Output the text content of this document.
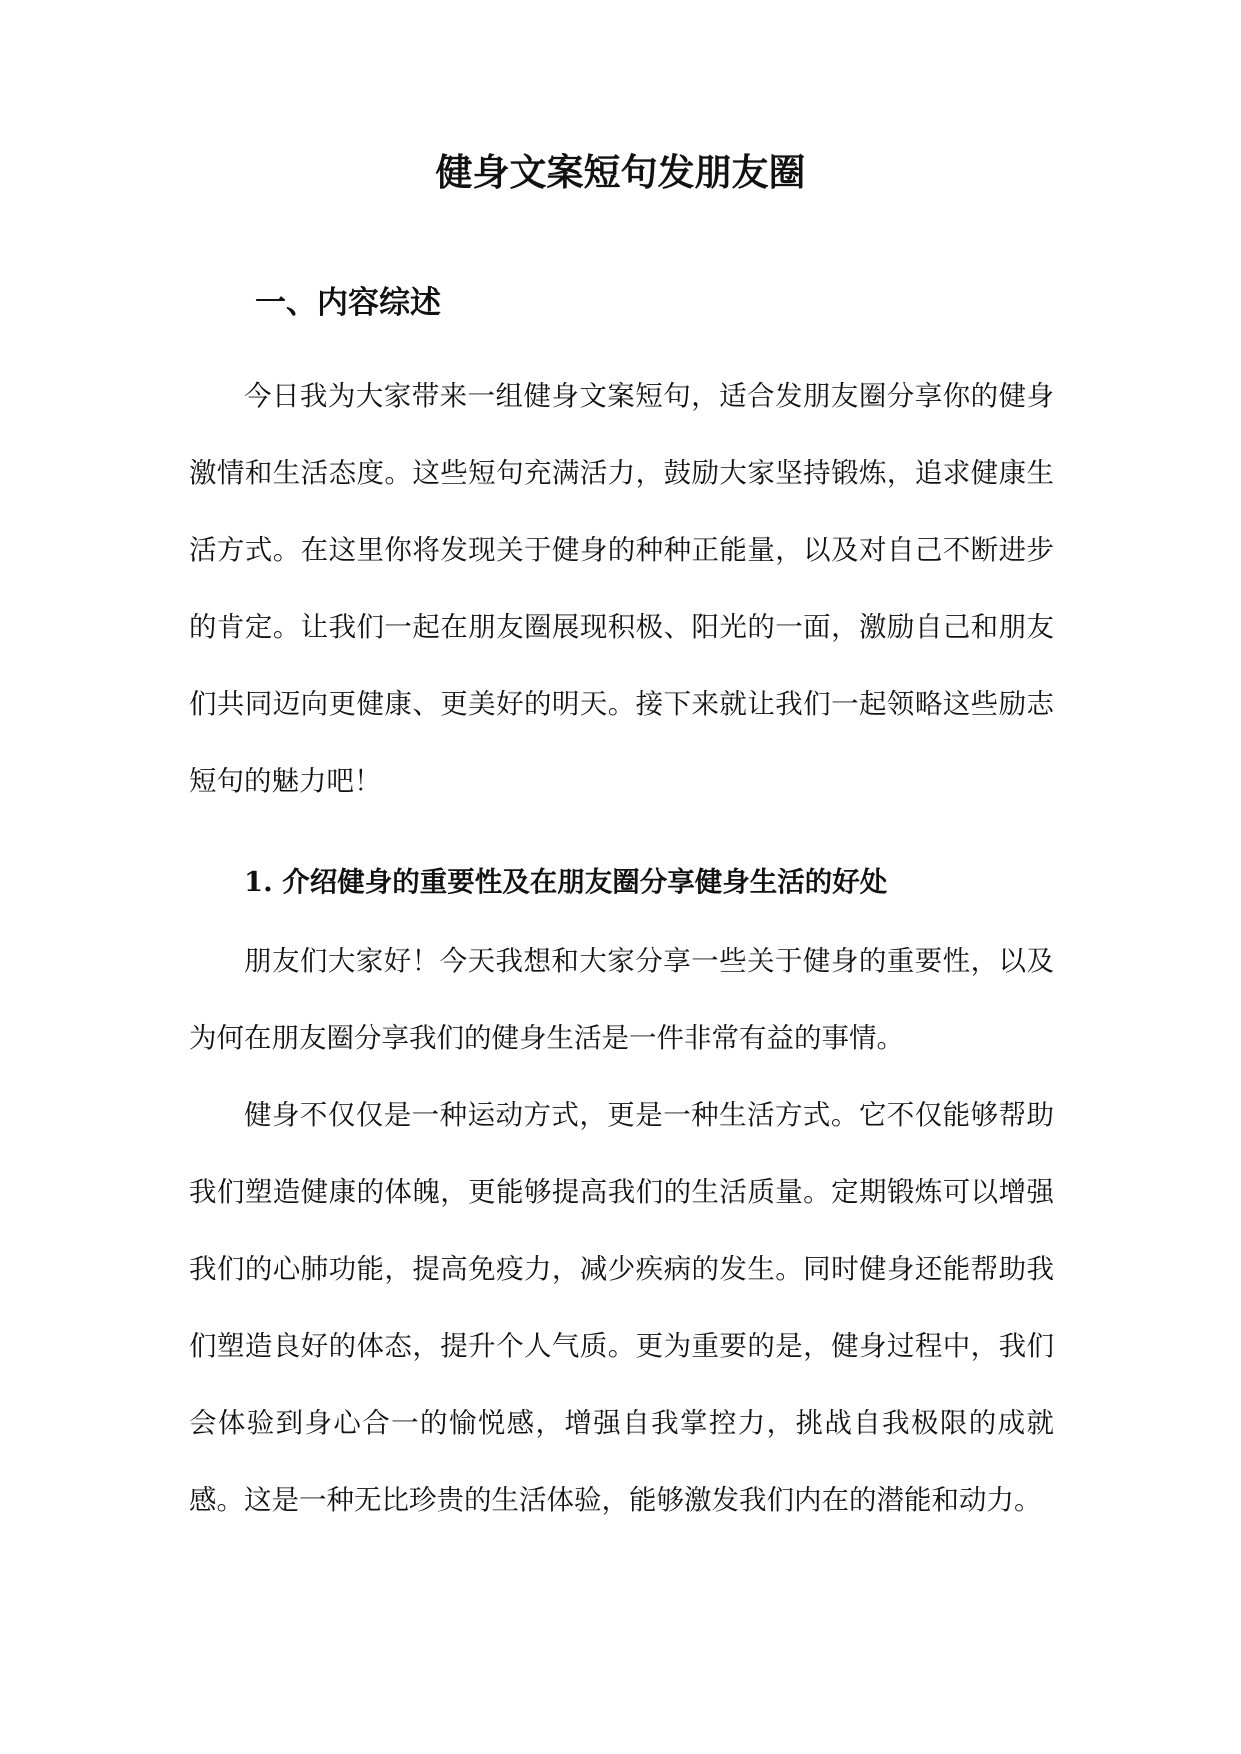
健身文案短句发朋友圈
一、内容综述

今日我为大家带来一组健身文案短句，适合发朋友圈分享你的健身激情和生活态度。这些短句充满活力，鼓励大家坚持锻炼，追求健康生活方式。在这里你将发现关于健身的种种正能量，以及对自己不断进步的肯定。让我们一起在朋友圈展现积极、阳光的一面，激励自己和朋友们共同迈向更健康、更美好的明天。接下来就让我们一起领略这些励志短句的魅力吧！

1. 介绍健身的重要性及在朋友圈分享健身生活的好处

朋友们大家好！今天我想和大家分享一些关于健身的重要性，以及为何在朋友圈分享我们的健身生活是一件非常有益的事情。

健身不仅仅是一种运动方式，更是一种生活方式。它不仅能够帮助我们塑造健康的体魄，更能够提高我们的生活质量。定期锻炼可以增强我们的心肺功能，提高免疫力，减少疾病的发生。同时健身还能帮助我们塑造良好的体态，提升个人气质。更为重要的是，健身过程中，我们会体验到身心合一的愉悦感，增强自我掌控力，挑战自我极限的成就感。这是一种无比珍贵的生活体验，能够激发我们内在的潜能和动力。
